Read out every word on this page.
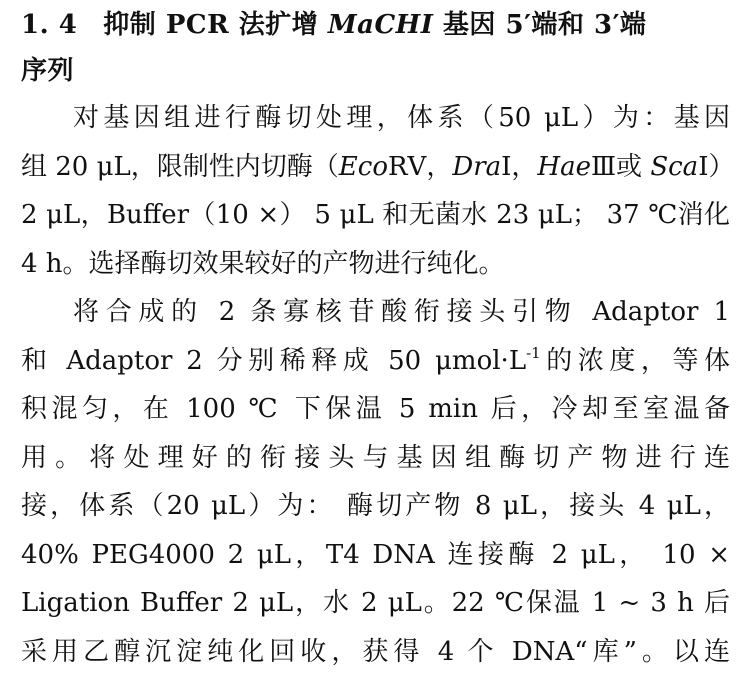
1. 4 抑制 PCR 法扩增 MaCHI 基因 5′端和 3′端
序列
对基因组进行酶切处理，体系（50 μL）为：基因
组 20 μL，限制性内切酶（EcoRⅤ，DraⅠ，HaeⅢ或 ScaⅠ）
2 μL，Buffer（10 ×） 5 μL 和无菌水 23 μL； 37 ℃消化
4 h。选择酶切效果较好的产物进行纯化。
将合成的 2 条寡核苷酸衔接头引物 Adaptor 1
和 Adaptor 2 分别稀释成 50 $\mu mol\cdot L^{-1}$的浓度，等体
积混匀，在 100 ℃ 下保温 5 min 后，冷却至室温备
用。将处理好的衔接头与基因组酶切产物进行连
接，体系（20 μL）为： 酶切产物 8 μL，接头 4 μL，
40% PEG4000 2 μL，T4 DNA 连接酶 2 μL， 10 ×
Ligation Buffer 2 μL，水 2 μL。22 ℃保温 1 ~ 3 h 后
采用乙醇沉淀纯化回收，获得 4 个 DNA“库”。以连
